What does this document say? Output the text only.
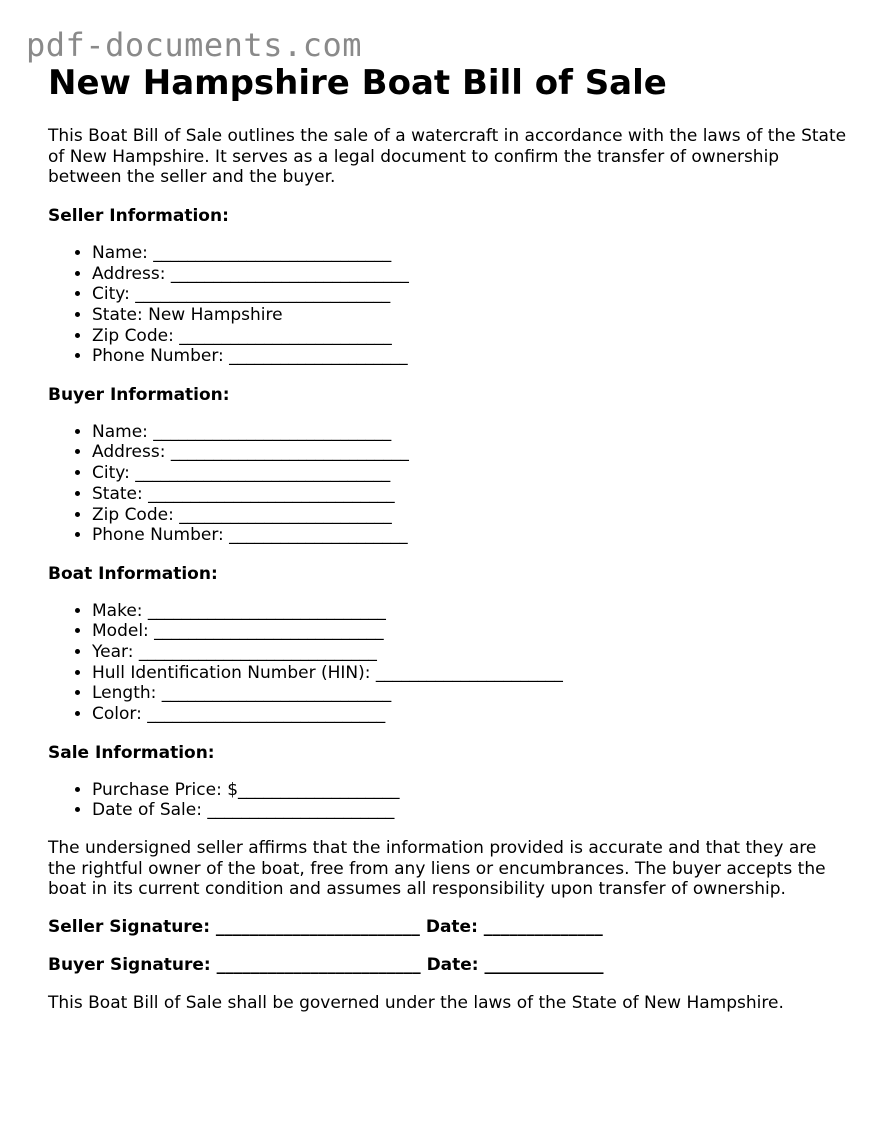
pdf-documents.com
New Hampshire Boat Bill of Sale

This Boat Bill of Sale outlines the sale of a watercraft in accordance with the laws of the State of New Hampshire. It serves as a legal document to confirm the transfer of ownership between the seller and the buyer.

Seller Information:
• Name: ____________________________
• Address: ____________________________
• City: ______________________________
• State: New Hampshire
• Zip Code: _________________________
• Phone Number: _____________________
Buyer Information:
• Name: ____________________________
• Address: ____________________________
• City: ______________________________
• State: _____________________________
• Zip Code: _________________________
• Phone Number: _____________________
Boat Information:
• Make: ____________________________
• Model: ___________________________
• Year: ____________________________
• Hull Identification Number (HIN): ______________________
• Length: ___________________________
• Color: ____________________________
Sale Information:
• Purchase Price: $___________________
• Date of Sale: ______________________

The undersigned seller affirms that the information provided is accurate and that they are the rightful owner of the boat, free from any liens or encumbrances. The buyer accepts the boat in its current condition and assumes all responsibility upon transfer of ownership.

Seller Signature: ________________________ Date: ______________

Buyer Signature: ________________________ Date: ______________

This Boat Bill of Sale shall be governed under the laws of the State of New Hampshire.
